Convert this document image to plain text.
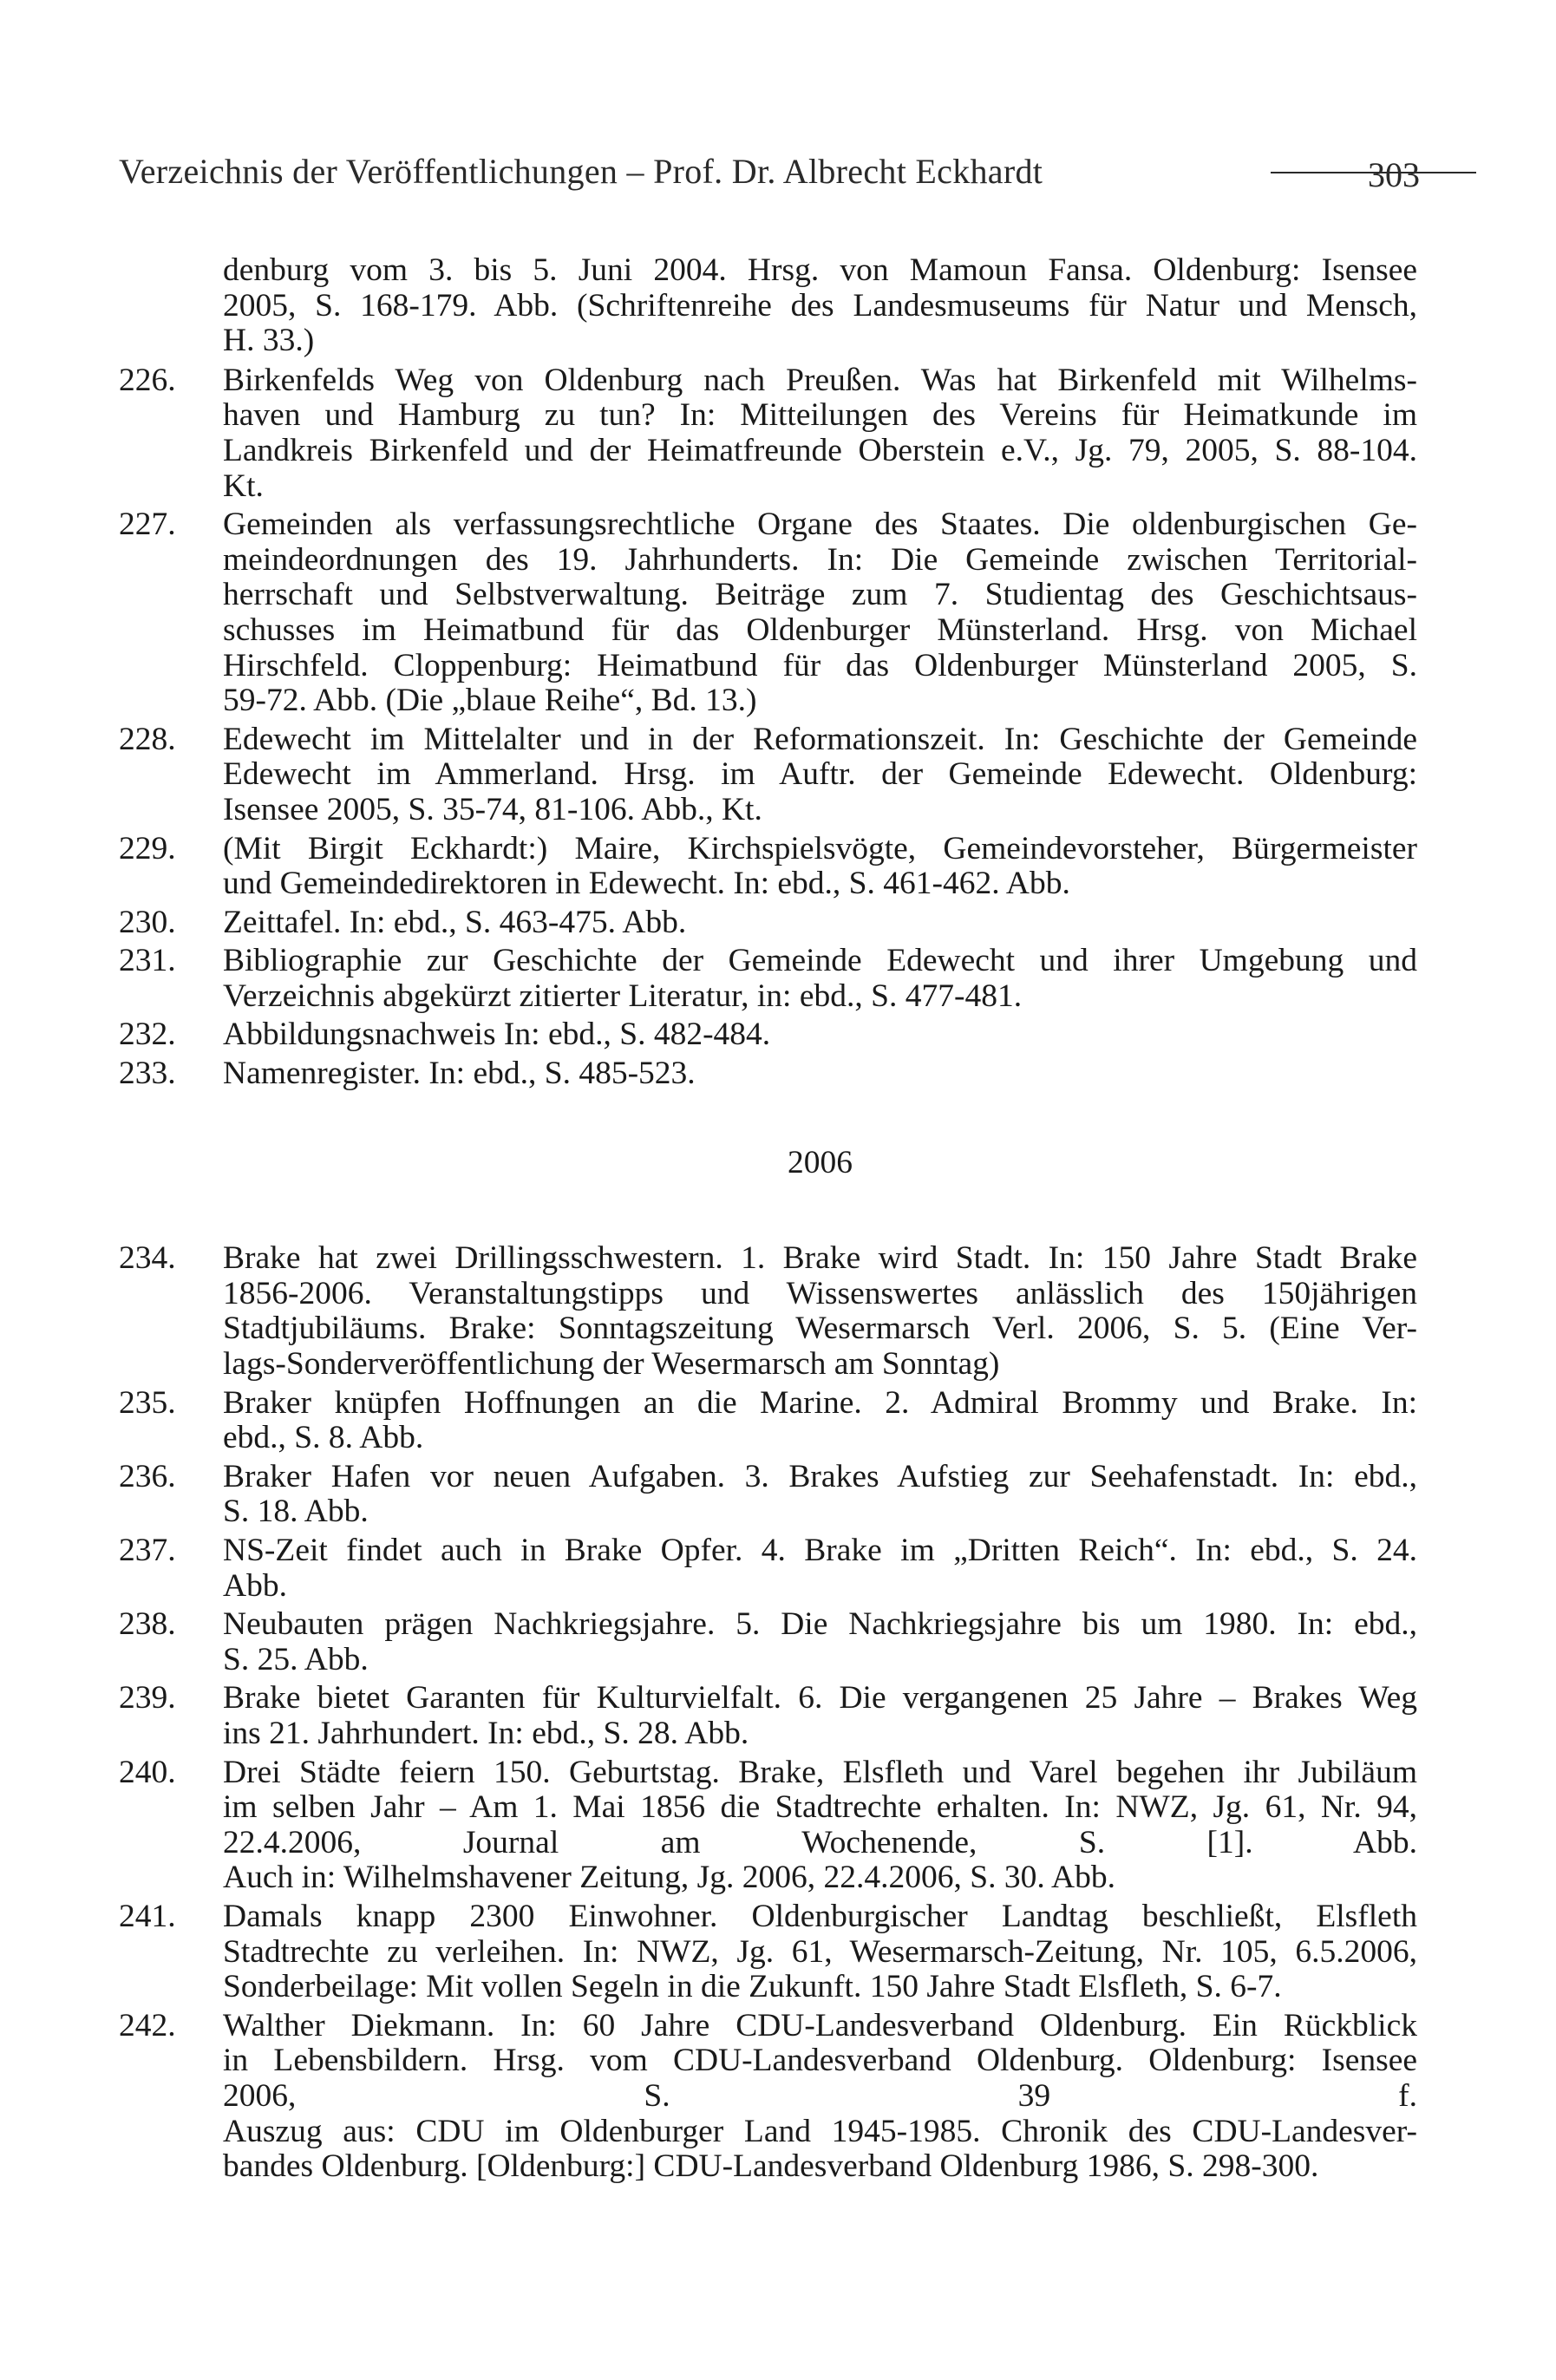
Verzeichnis der Veröffentlichungen – Prof. Dr. Albrecht Eckhardt	303
denburg vom 3. bis 5. Juni 2004. Hrsg. von Mamoun Fansa. Oldenburg: Isensee
2005, S. 168-179. Abb. (Schriftenreihe des Landesmuseums für Natur und Mensch,
H. 33.)
226. Birkenfelds Weg von Oldenburg nach Preußen. Was hat Birkenfeld mit Wilhelms-
haven und Hamburg zu tun? In: Mitteilungen des Vereins für Heimatkunde im
Landkreis Birkenfeld und der Heimatfreunde Oberstein e.V., Jg. 79, 2005, S. 88-104.
Kt.
227. Gemeinden als verfassungsrechtliche Organe des Staates. Die oldenburgischen Ge-
meindeordnungen des 19. Jahrhunderts. In: Die Gemeinde zwischen Territorial-
herrschaft und Selbstverwaltung. Beiträge zum 7. Studientag des Geschichtsaus-
schusses im Heimatbund für das Oldenburger Münsterland. Hrsg. von Michael
Hirschfeld. Cloppenburg: Heimatbund für das Oldenburger Münsterland 2005, S.
59-72. Abb. (Die „blaue Reihe“, Bd. 13.)
228. Edewecht im Mittelalter und in der Reformationszeit. In: Geschichte der Gemeinde
Edewecht im Ammerland. Hrsg. im Auftr. der Gemeinde Edewecht. Oldenburg:
Isensee 2005, S. 35-74, 81-106. Abb., Kt.
229. (Mit Birgit Eckhardt:) Maire, Kirchspielsvögte, Gemeindevorsteher, Bürgermeister
und Gemeindedirektoren in Edewecht. In: ebd., S. 461-462. Abb.
230. Zeittafel. In: ebd., S. 463-475. Abb.
231. Bibliographie zur Geschichte der Gemeinde Edewecht und ihrer Umgebung und
Verzeichnis abgekürzt zitierter Literatur, in: ebd., S. 477-481.
232. Abbildungsnachweis In: ebd., S. 482-484.
233. Namenregister. In: ebd., S. 485-523.
2006
234. Brake hat zwei Drillingsschwestern. 1. Brake wird Stadt. In: 150 Jahre Stadt Brake
1856-2006. Veranstaltungstipps und Wissenswertes anlässlich des 150jährigen
Stadtjubiläums. Brake: Sonntagszeitung Wesermarsch Verl. 2006, S. 5. (Eine Ver-
lags-Sonderveröffentlichung der Wesermarsch am Sonntag)
235. Braker knüpfen Hoffnungen an die Marine. 2. Admiral Brommy und Brake. In:
ebd., S. 8. Abb.
236. Braker Hafen vor neuen Aufgaben. 3. Brakes Aufstieg zur Seehafenstadt. In: ebd.,
S. 18. Abb.
237. NS-Zeit findet auch in Brake Opfer. 4. Brake im „Dritten Reich“. In: ebd., S. 24.
Abb.
238. Neubauten prägen Nachkriegsjahre. 5. Die Nachkriegsjahre bis um 1980. In: ebd.,
S. 25. Abb.
239. Brake bietet Garanten für Kulturvielfalt. 6. Die vergangenen 25 Jahre – Brakes Weg
ins 21. Jahrhundert. In: ebd., S. 28. Abb.
240. Drei Städte feiern 150. Geburtstag. Brake, Elsfleth und Varel begehen ihr Jubiläum
im selben Jahr – Am 1. Mai 1856 die Stadtrechte erhalten. In: NWZ, Jg. 61, Nr. 94,
22.4.2006, Journal am Wochenende, S. [1]. Abb.
Auch in: Wilhelmshavener Zeitung, Jg. 2006, 22.4.2006, S. 30. Abb.
241. Damals knapp 2300 Einwohner. Oldenburgischer Landtag beschließt, Elsfleth
Stadtrechte zu verleihen. In: NWZ, Jg. 61, Wesermarsch-Zeitung, Nr. 105, 6.5.2006,
Sonderbeilage: Mit vollen Segeln in die Zukunft. 150 Jahre Stadt Elsfleth, S. 6-7.
242. Walther Diekmann. In: 60 Jahre CDU-Landesverband Oldenburg. Ein Rückblick
in Lebensbildern. Hrsg. vom CDU-Landesverband Oldenburg. Oldenburg: Isensee
2006, S. 39 f.
Auszug aus: CDU im Oldenburger Land 1945-1985. Chronik des CDU-Landesver-
bandes Oldenburg. [Oldenburg:] CDU-Landesverband Oldenburg 1986, S. 298-300.
